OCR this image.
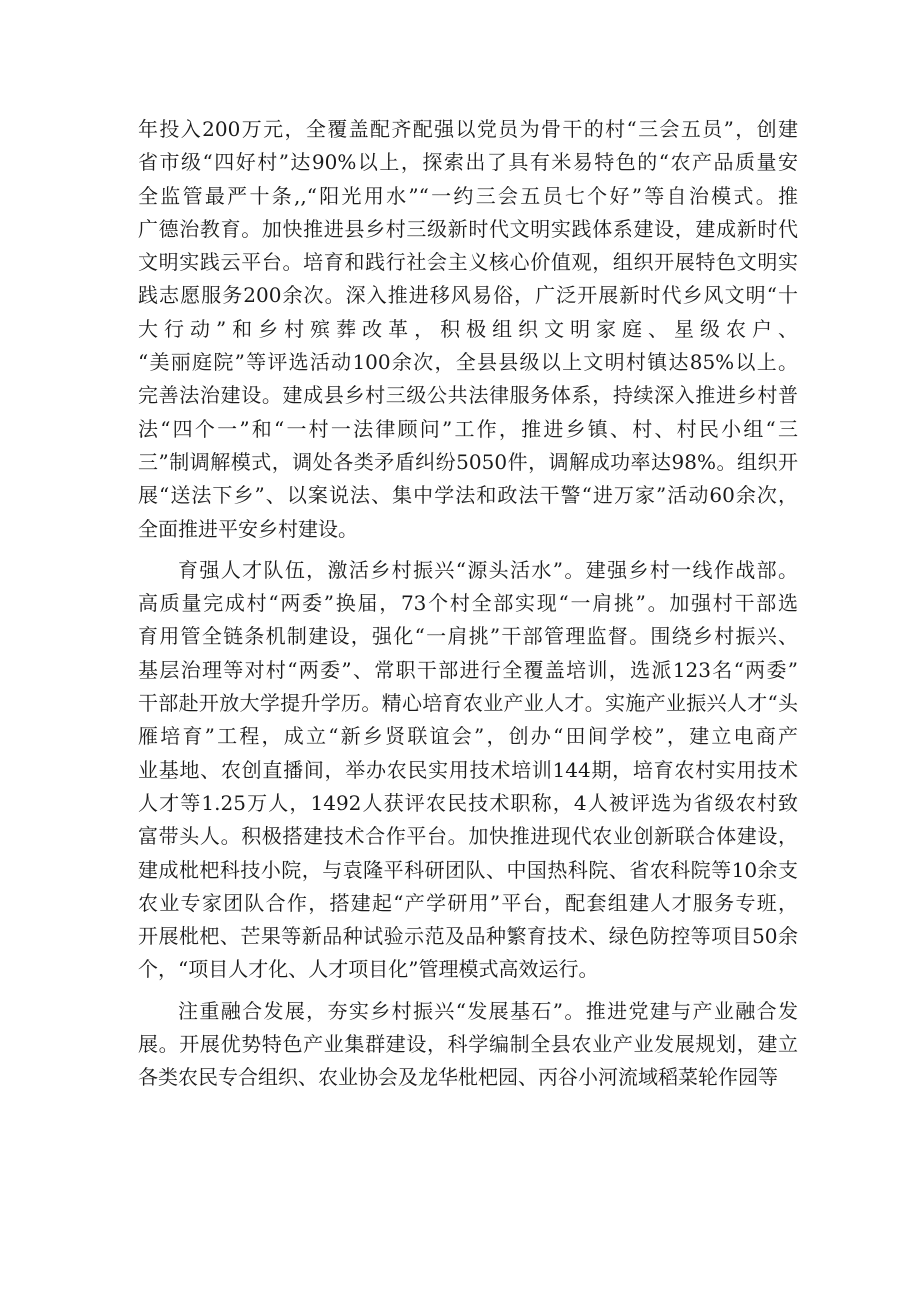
年投入200万元，全覆盖配齐配强以党员为骨干的村“三会五员”，创建
省市级“四好村”达90%以上，探索出了具有米易特色的“农产品质量安
全监管最严十条,,“阳光用水”“一约三会五员七个好”等自治模式。推
广德治教育。加快推进县乡村三级新时代文明实践体系建设，建成新时代
文明实践云平台。培育和践行社会主义核心价值观，组织开展特色文明实
践志愿服务200余次。深入推进移风易俗，广泛开展新时代乡风文明“十
大行动”和乡村殡葬改革，积极组织文明家庭、星级农户、
“美丽庭院”等评选活动100余次，全县县级以上文明村镇达85%以上。
完善法治建设。建成县乡村三级公共法律服务体系，持续深入推进乡村普
法“四个一”和“一村一法律顾问”工作，推进乡镇、村、村民小组“三
三”制调解模式，调处各类矛盾纠纷5050件，调解成功率达98%。组织开
展“送法下乡”、以案说法、集中学法和政法干警“进万家”活动60余次，
全面推进平安乡村建设。
育强人才队伍，激活乡村振兴“源头活水”。建强乡村一线作战部。
高质量完成村“两委”换届，73个村全部实现“一肩挑”。加强村干部选
育用管全链条机制建设，强化“一肩挑”干部管理监督。围绕乡村振兴、
基层治理等对村“两委”、常职干部进行全覆盖培训，选派123名“两委”
干部赴开放大学提升学历。精心培育农业产业人才。实施产业振兴人才“头
雁培育”工程，成立“新乡贤联谊会”，创办“田间学校”，建立电商产
业基地、农创直播间，举办农民实用技术培训144期，培育农村实用技术
人才等1.25万人，1492人获评农民技术职称，4人被评选为省级农村致
富带头人。积极搭建技术合作平台。加快推进现代农业创新联合体建设，
建成枇杷科技小院，与袁隆平科研团队、中国热科院、省农科院等10余支
农业专家团队合作，搭建起“产学研用”平台，配套组建人才服务专班，
开展枇杷、芒果等新品种试验示范及品种繁育技术、绿色防控等项目50余
个，“项目人才化、人才项目化”管理模式高效运行。
注重融合发展，夯实乡村振兴“发展基石”。推进党建与产业融合发
展。开展优势特色产业集群建设，科学编制全县农业产业发展规划，建立
各类农民专合组织、农业协会及龙华枇杷园、丙谷小河流域稻菜轮作园等
